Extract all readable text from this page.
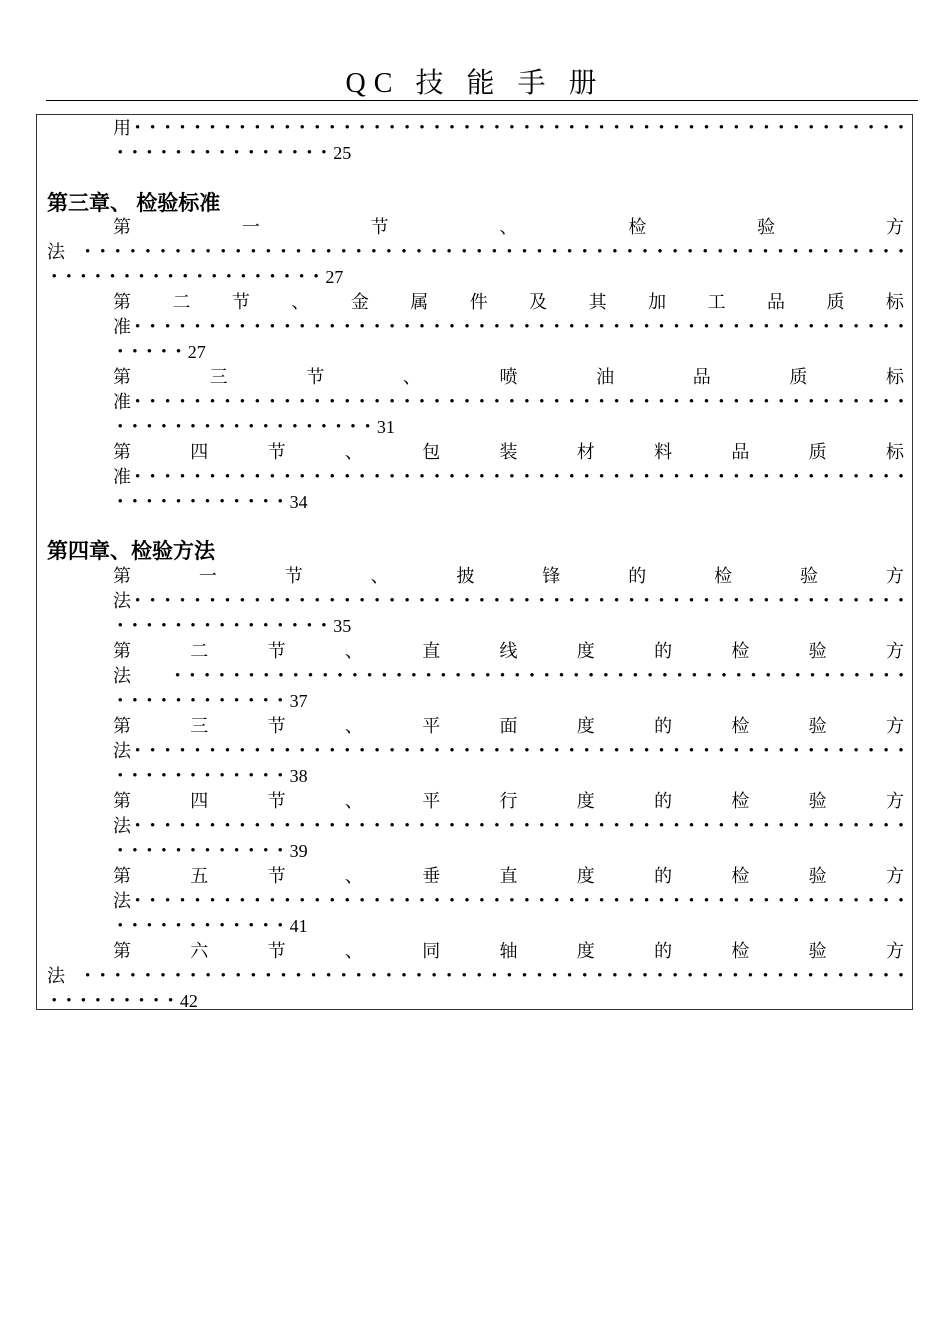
QC 技 能 手 册
用 • • • • • • • • • • • • • • • • • • • • • • • • • • • • • • • • • • • • • • • • • • • • • • • • • • • •
• • • • • • • • • • • • • • • 25
第三章、 检验标准
第	一	节	、	检	验	方
法 • • • • • • • • • • • • • • • • • • • • • • • • • • • • • • • • • • • • • • • • • • • • • • • • • • • • • • •
• • • • • • • • • • • • • • • • • • • 27
第 二 节 、 金 属 件 及 其 加 工 品 质 标
准 • • • • • • • • • • • • • • • • • • • • • • • • • • • • • • • • • • • • • • • • • • • • • • • • • • • •
• • • • • 27
第	三	节	、	喷	油	品	质	标
准 • • • • • • • • • • • • • • • • • • • • • • • • • • • • • • • • • • • • • • • • • • • • • • • • • • • •
• • • • • • • • • • • • • • • • • • 31
第	四	节	、	包	装	材	料	品	质	标
准 • • • • • • • • • • • • • • • • • • • • • • • • • • • • • • • • • • • • • • • • • • • • • • • • • • • •
• • • • • • • • • • • • 34
第四章、检验方法
第	一	节	、	披	锋	的	检	验	方
法 • • • • • • • • • • • • • • • • • • • • • • • • • • • • • • • • • • • • • • • • • • • • • • • • • • • •
• • • • • • • • • • • • • • • 35
第	二	节	、	直	线	度	的	检	验	方
法	• • • • • • • • • • • • • • • • • • • • • • • • • • • • • • • • • • • • • • • • • • • • • • • • • •
• • • • • • • • • • • • 37
第	三	节	、	平	面	度	的	检	验	方
法 • • • • • • • • • • • • • • • • • • • • • • • • • • • • • • • • • • • • • • • • • • • • • • • • • • • •
• • • • • • • • • • • • 38
第	四	节	、	平	行	度	的	检	验	方
法 • • • • • • • • • • • • • • • • • • • • • • • • • • • • • • • • • • • • • • • • • • • • • • • • • • • •
• • • • • • • • • • • • 39
第	五	节	、	垂	直	度	的	检	验	方
法 • • • • • • • • • • • • • • • • • • • • • • • • • • • • • • • • • • • • • • • • • • • • • • • • • • • •
• • • • • • • • • • • • 41
第	六	节	、	同	轴	度	的	检	验	方
法 • • • • • • • • • • • • • • • • • • • • • • • • • • • • • • • • • • • • • • • • • • • • • • • • • • • • • • •
• • • • • • • • • 42
